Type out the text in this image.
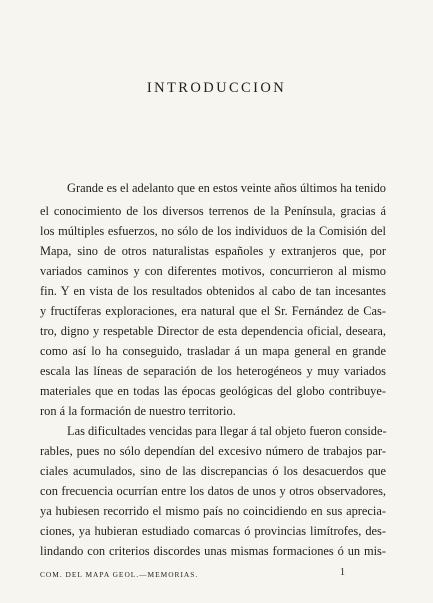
INTRODUCCION
Grande es el adelanto que en estos veinte años últimos ha tenido
el conocimiento de los diversos terrenos de la Península, gracias á
los múltiples esfuerzos, no sólo de los individuos de la Comisión del
Mapa, sino de otros naturalistas españoles y extranjeros que, por
variados caminos y con diferentes motivos, concurrieron al mismo
fin. Y en vista de los resultados obtenidos al cabo de tan incesantes
y fructíferas exploraciones, era natural que el Sr. Fernández de Cas-
tro, digno y respetable Director de esta dependencia oficial, deseara,
como así lo ha conseguido, trasladar á un mapa general en grande
escala las líneas de separación de los heterogéneos y muy variados
materiales que en todas las épocas geológicas del globo contribuye-
ron á la formación de nuestro territorio.
Las dificultades vencidas para llegar á tal objeto fueron conside-
rables, pues no sólo dependían del excesivo número de trabajos par-
ciales acumulados, sino de las discrepancias ó los desacuerdos que
con frecuencia ocurrían entre los datos de unos y otros observadores,
ya hubiesen recorrido el mismo país no coincidiendo en sus aprecia-
ciones, ya hubieran estudiado comarcas ó provincias limítrofes, des-
lindando con criterios discordes unas mismas formaciones ó un mis-
COM. DEL MAPA GEOL.—MEMORIAS.	1
